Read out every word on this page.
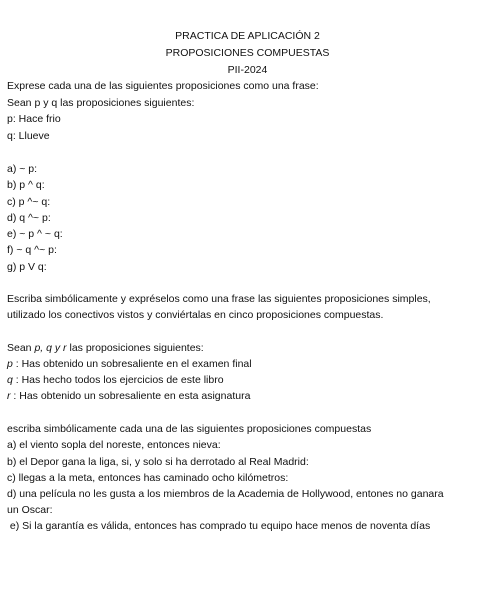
PRACTICA DE APLICACIÓN 2
PROPOSICIONES COMPUESTAS
PII-2024
Exprese cada una de las siguientes proposiciones como una frase:
Sean p y q las proposiciones siguientes:
p: Hace frio
q: Llueve
a) ~ p:
b) p ^ q:
c) p ^~ q:
d) q ^~ p:
e) ~ p ^ ~ q:
f) ~ q ^~ p:
g) p V q:
Escriba simbólicamente y expréselos como una frase las siguientes proposiciones simples,
utilizado los conectivos vistos y conviértalas en cinco proposiciones compuestas.
Sean p, q y r las proposiciones siguientes:
p : Has obtenido un sobresaliente en el examen final
q : Has hecho todos los ejercicios de este libro
r : Has obtenido un sobresaliente en esta asignatura
escriba simbólicamente cada una de las siguientes proposiciones compuestas
a) el viento sopla del noreste, entonces nieva:
b) el Depor gana la liga, si, y solo si ha derrotado al Real Madrid:
c) llegas a la meta, entonces has caminado ocho kilómetros:
d) una película no les gusta a los miembros de la Academia de Hollywood, entones no ganara
un Oscar:
e) Si la garantía es válida, entonces has comprado tu equipo hace menos de noventa días
